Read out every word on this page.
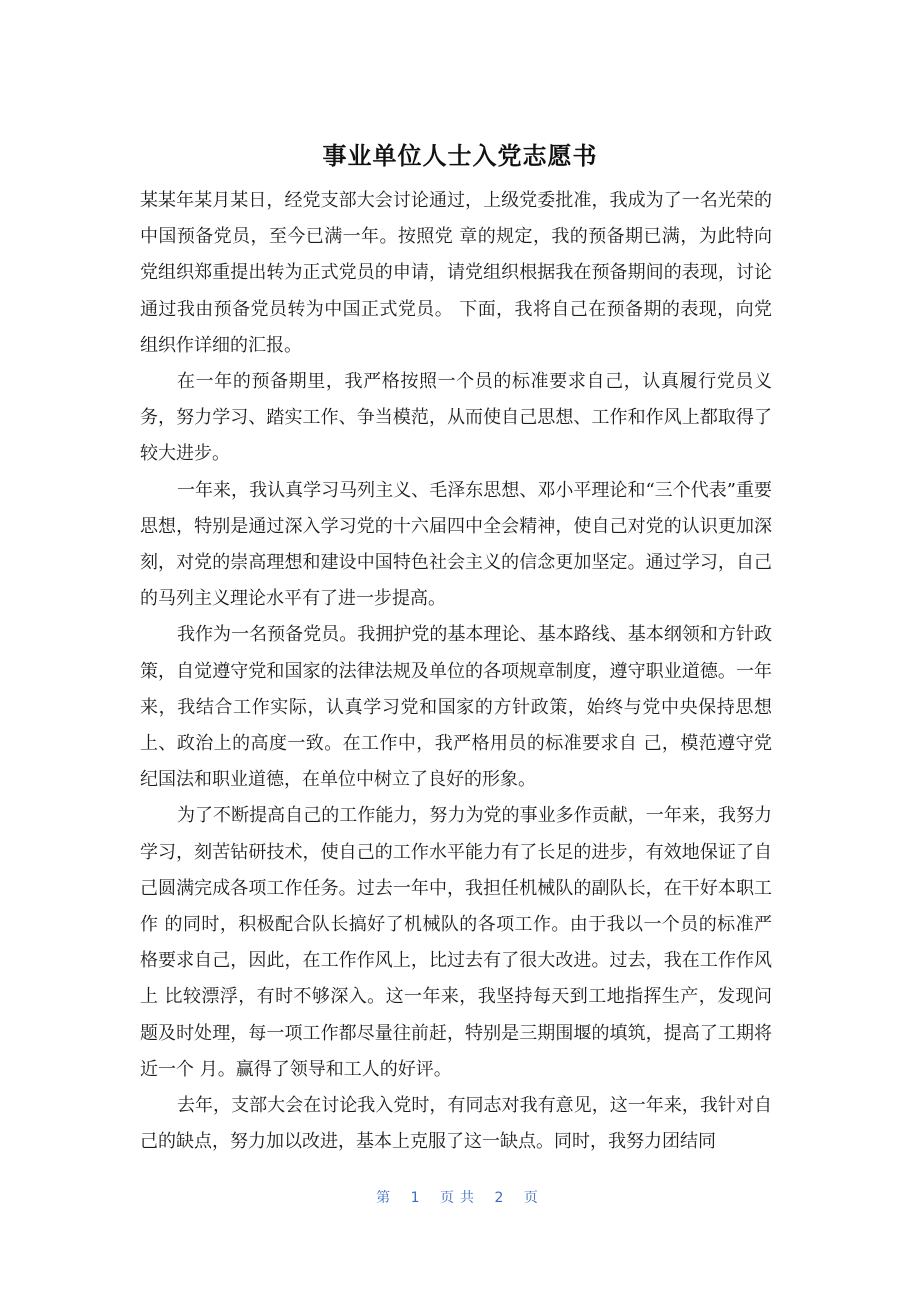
事业单位人士入党志愿书

某某年某月某日，经党支部大会讨论通过，上级党委批准，我成为了一名光荣的中国预备党员，至今已满一年。按照党 章的规定，我的预备期已满，为此特向党组织郑重提出转为正式党员的申请，请党组织根据我在预备期间的表现，讨论通过我由预备党员转为中国正式党员。 下面，我将自己在预备期的表现，向党组织作详细的汇报。

在一年的预备期里，我严格按照一个员的标准要求自己，认真履行党员义务，努力学习、踏实工作、争当模范，从而使自己思想、工作和作风上都取得了较大进步。

一年来，我认真学习马列主义、毛泽东思想、邓小平理论和“三个代表”重要思想，特别是通过深入学习党的十六届四中全会精神，使自己对党的认识更加深刻，对党的崇高理想和建设中国特色社会主义的信念更加坚定。通过学习，自己的马列主义理论水平有了进一步提高。

我作为一名预备党员。我拥护党的基本理论、基本路线、基本纲领和方针政策，自觉遵守党和国家的法律法规及单位的各项规章制度，遵守职业道德。一年来，我结合工作实际，认真学习党和国家的方针政策，始终与党中央保持思想上、政治上的高度一致。在工作中，我严格用员的标准要求自 己，模范遵守党纪国法和职业道德，在单位中树立了良好的形象。

为了不断提高自己的工作能力，努力为党的事业多作贡献，一年来，我努力学习，刻苦钻研技术，使自己的工作水平能力有了长足的进步，有效地保证了自己圆满完成各项工作任务。过去一年中，我担任机械队的副队长，在干好本职工作 的同时，积极配合队长搞好了机械队的各项工作。由于我以一个员的标准严格要求自己，因此，在工作作风上，比过去有了很大改进。过去，我在工作作风上 比较漂浮，有时不够深入。这一年来，我坚持每天到工地指挥生产，发现问题及时处理，每一项工作都尽量往前赶，特别是三期围堰的填筑，提高了工期将近一个 月。赢得了领导和工人的好评。

去年，支部大会在讨论我入党时，有同志对我有意见，这一年来，我针对自己的缺点，努力加以改进，基本上克服了这一缺点。同时，我努力团结同

第 1 页共 2 页
